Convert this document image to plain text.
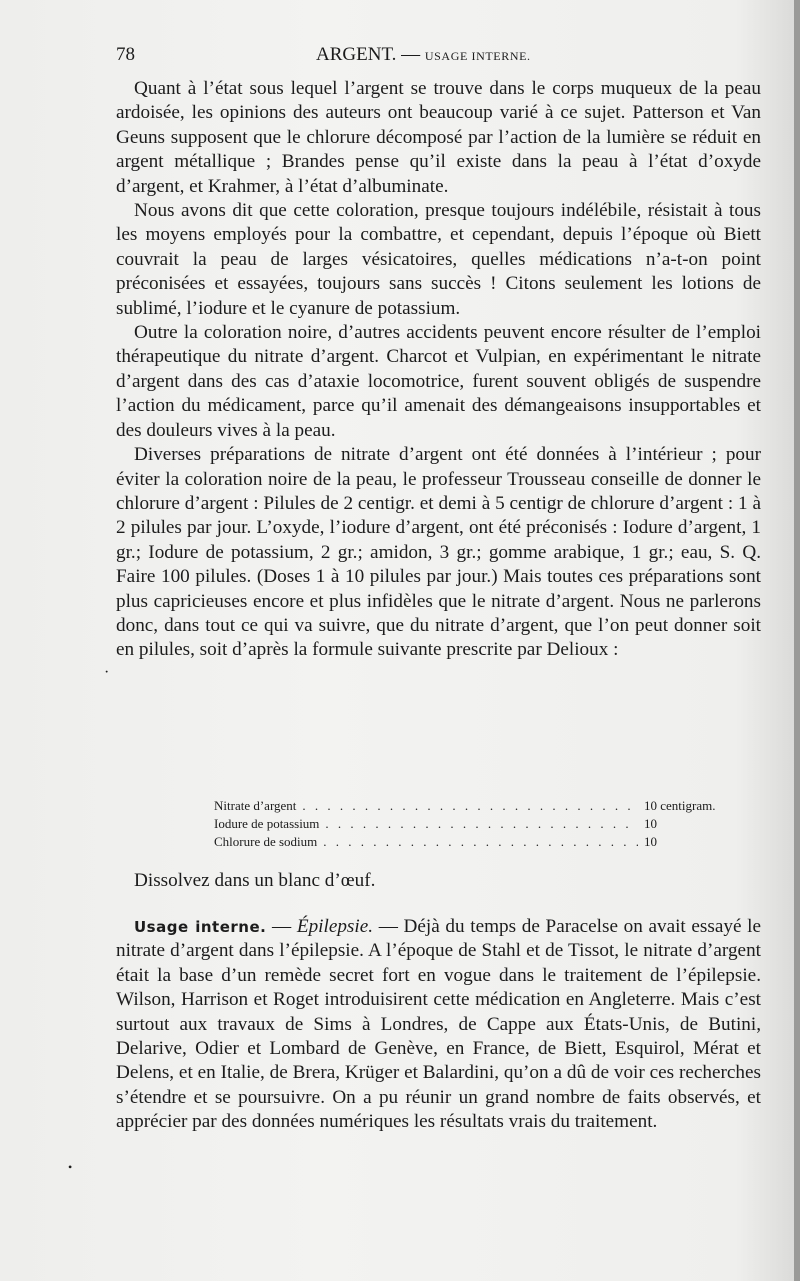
78	ARGENT. — USAGE INTERNE.

Quant à l’état sous lequel l’argent se trouve dans le corps muqueux de la peau ardoisée, les opinions des auteurs ont beaucoup varié à ce sujet. Patterson et Van Geuns supposent que le chlorure décomposé par l’action de la lumière se réduit en argent métallique ; Brandes pense qu’il existe dans la peau à l’état d’oxyde d’argent, et Krahmer, à l’état d’albuminate.

Nous avons dit que cette coloration, presque toujours indélébile, résistait à tous les moyens employés pour la combattre, et cependant, depuis l’époque où Biett couvrait la peau de larges vésicatoires, quelles médications n’a-t-on point préconisées et essayées, toujours sans succès ! Citons seulement les lotions de sublimé, l’iodure et le cyanure de potassium.

Outre la coloration noire, d’autres accidents peuvent encore résulter de l’emploi thérapeutique du nitrate d’argent. Charcot et Vulpian, en expérimentant le nitrate d’argent dans des cas d’ataxie locomotrice, furent souvent obligés de suspendre l’action du médicament, parce qu’il amenait des démangeaisons insupportables et des douleurs vives à la peau.

Diverses préparations de nitrate d’argent ont été données à l’intérieur ; pour éviter la coloration noire de la peau, le professeur Trousseau conseille de donner le chlorure d’argent : Pilules de 2 centigr. et demi à 5 centigr de chlorure d’argent : 1 à 2 pilules par jour. L’oxyde, l’iodure d’argent, ont été préconisés : Iodure d’argent, 1 gr.; Iodure de potassium, 2 gr.; amidon, 3 gr.; gomme arabique, 1 gr.; eau, S. Q. Faire 100 pilules. (Doses 1 à 10 pilules par jour.) Mais toutes ces préparations sont plus capricieuses encore et plus infidèles que le nitrate d’argent. Nous ne parlerons donc, dans tout ce qui va suivre, que du nitrate d’argent, que l’on peut donner soit en pilules, soit d’après la formule suivante prescrite par Delioux :

Nitrate d’argent . . .	10 centigram.
Iodure de potassium . . .	10
Chlorure de sodium . . .	10
Dissolvez dans un blanc d’œuf.

Usage interne. — Épilepsie. — Déjà du temps de Paracelse on avait essayé le nitrate d’argent dans l’épilepsie. A l’époque de Stahl et de Tissot, le nitrate d’argent était la base d’un remède secret fort en vogue dans le traitement de l’épilepsie. Wilson, Harrison et Roget introduisirent cette médication en Angleterre. Mais c’est surtout aux travaux de Sims à Londres, de Cappe aux États-Unis, de Butini, Delarive, Odier et Lombard de Genève, en France, de Biett, Esquirol, Mérat et Delens, et en Italie, de Brera, Krüger et Balardini, qu’on a dû de voir ces recherches s’étendre et se poursuivre. On a pu réunir un grand nombre de faits observés, et apprécier par des données numériques les résultats vrais du traitement.

·
•
